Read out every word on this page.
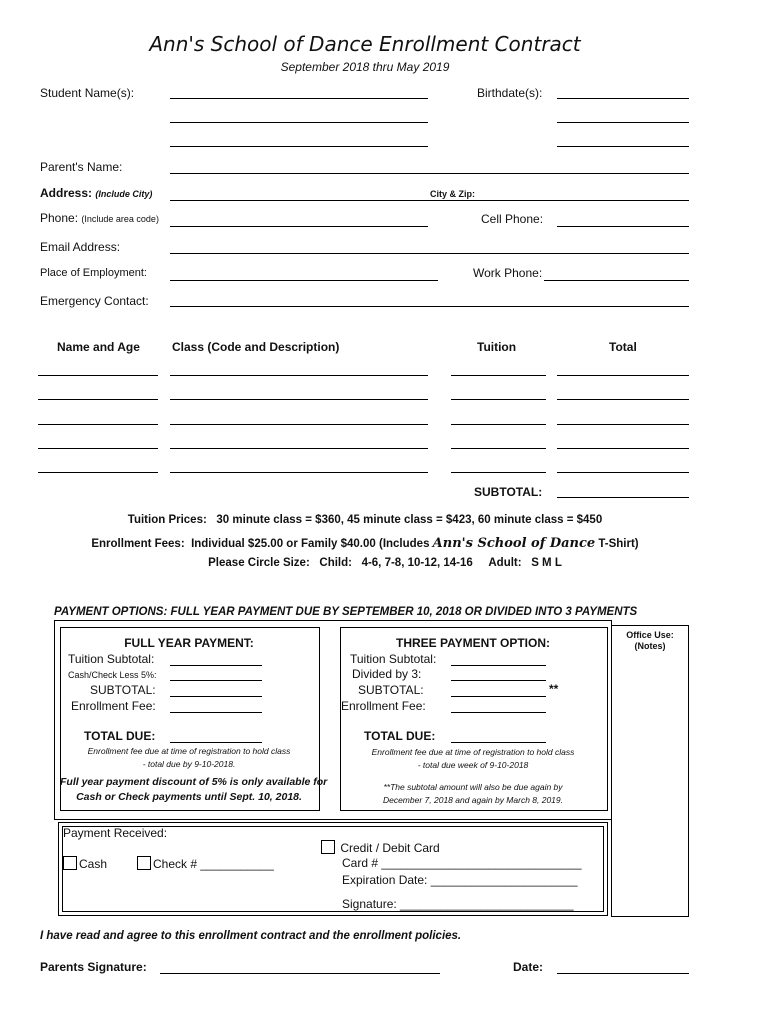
Ann's School of Dance Enrollment Contract
September 2018 thru May 2019
Student Name(s):	Birthdate(s):
Parent's Name:
Address: (Include City)	City & Zip:
Phone: (Include area code)	Cell Phone:
Email Address:
Place of Employment:	Work Phone:
Emergency Contact:
Name and Age	Class (Code and Description)	Tuition	Total
SUBTOTAL:
Tuition Prices: 30 minute class = $360, 45 minute class = $423, 60 minute class = $450
Enrollment Fees: Individual $25.00 or Family $40.00 (Includes Ann's School of Dance T-Shirt)
Please Circle Size: Child: 4-6, 7-8, 10-12, 14-16 Adult: S M L
PAYMENT OPTIONS: FULL YEAR PAYMENT DUE BY SEPTEMBER 10, 2018 OR DIVIDED INTO 3 PAYMENTS
Office Use:
(Notes)
FULL YEAR PAYMENT:
Tuition Subtotal:
Cash/Check Less 5%:
SUBTOTAL:
Enrollment Fee:
TOTAL DUE:
Enrollment fee due at time of registration to hold class
- total due by 9-10-2018.
Full year payment discount of 5% is only available for
Cash or Check payments until Sept. 10, 2018.
THREE PAYMENT OPTION:
Tuition Subtotal:
Divided by 3:
SUBTOTAL:	**
Enrollment Fee:
TOTAL DUE:
Enrollment fee due at time of registration to hold class
- total due week of 9-10-2018
**The subtotal amount will also be due again by
December 7, 2018 and again by March 8, 2019.
Payment Received:
Cash	Check # ___________
Credit / Debit Card
Card # ______________________________
Expiration Date: ______________________
Signature: __________________________
I have read and agree to this enrollment contract and the enrollment policies.
Parents Signature:	Date:
